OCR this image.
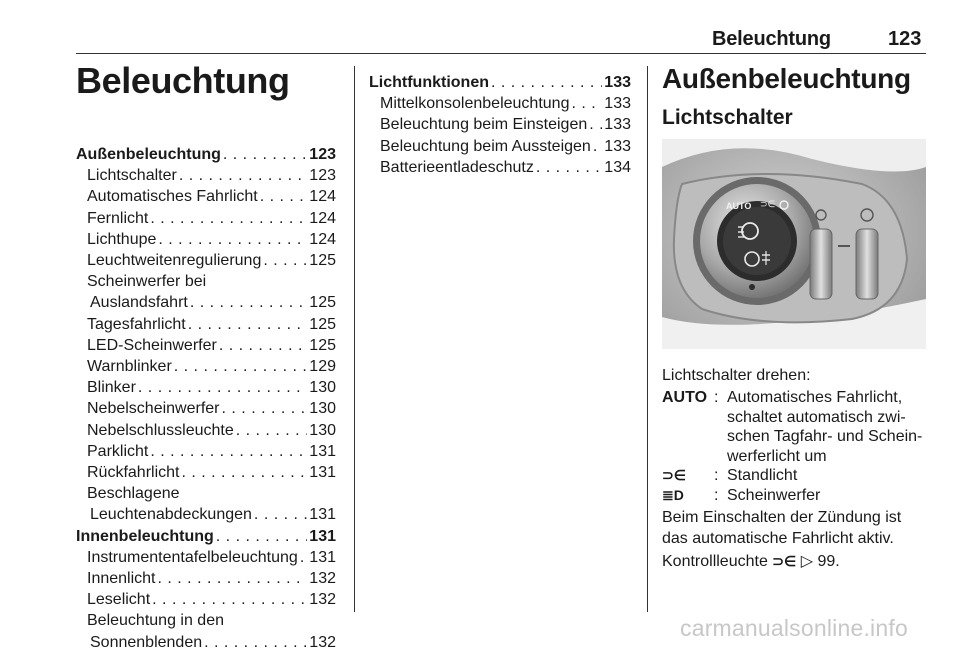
Beleuchtung	123
Beleuchtung
Außenbeleuchtung . . .	123
Lichtschalter . . .	123
Automatisches Fahrlicht . . .	124
Fernlicht . . .	124
Lichthupe . . .	124
Leuchtweitenregulierung . . .	125
Scheinwerfer bei
Auslandsfahrt . . .	125
Tagesfahrlicht . . .	125
LED-Scheinwerfer . . .	125
Warnblinker . . .	129
Blinker . . .	130
Nebelscheinwerfer . . .	130
Nebelschlussleuchte . . .	130
Parklicht . . .	131
Rückfahrlicht . . .	131
Beschlagene
Leuchtenabdeckungen . . .	131
Innenbeleuchtung . . .	131
Instrumententafelbeleuchtung . . . 131
Innenlicht . . .	132
Leselicht . . .	132
Beleuchtung in den
Sonnenblenden . . .	132
Lichtfunktionen . . .	133
Mittelkonsolenbeleuchtung . . . 133
Beleuchtung beim Einsteigen . . . 133
Beleuchtung beim Aussteigen . . . 133
Batterieentladeschutz . . .	134
Außenbeleuchtung
Lichtschalter
AUTO ⊃∈
Lichtschalter drehen:
AUTO : Automatisches Fahrlicht, schaltet automatisch zwi-schen Tagfahr- und Schein-werferlicht um
⊃∈	: Standlicht
≣D	: Scheinwerfer
Beim Einschalten der Zündung ist das automatische Fahrlicht aktiv.
Kontrollleuchte ⊃∈ ▷ 99.
carmanualsonline.info
